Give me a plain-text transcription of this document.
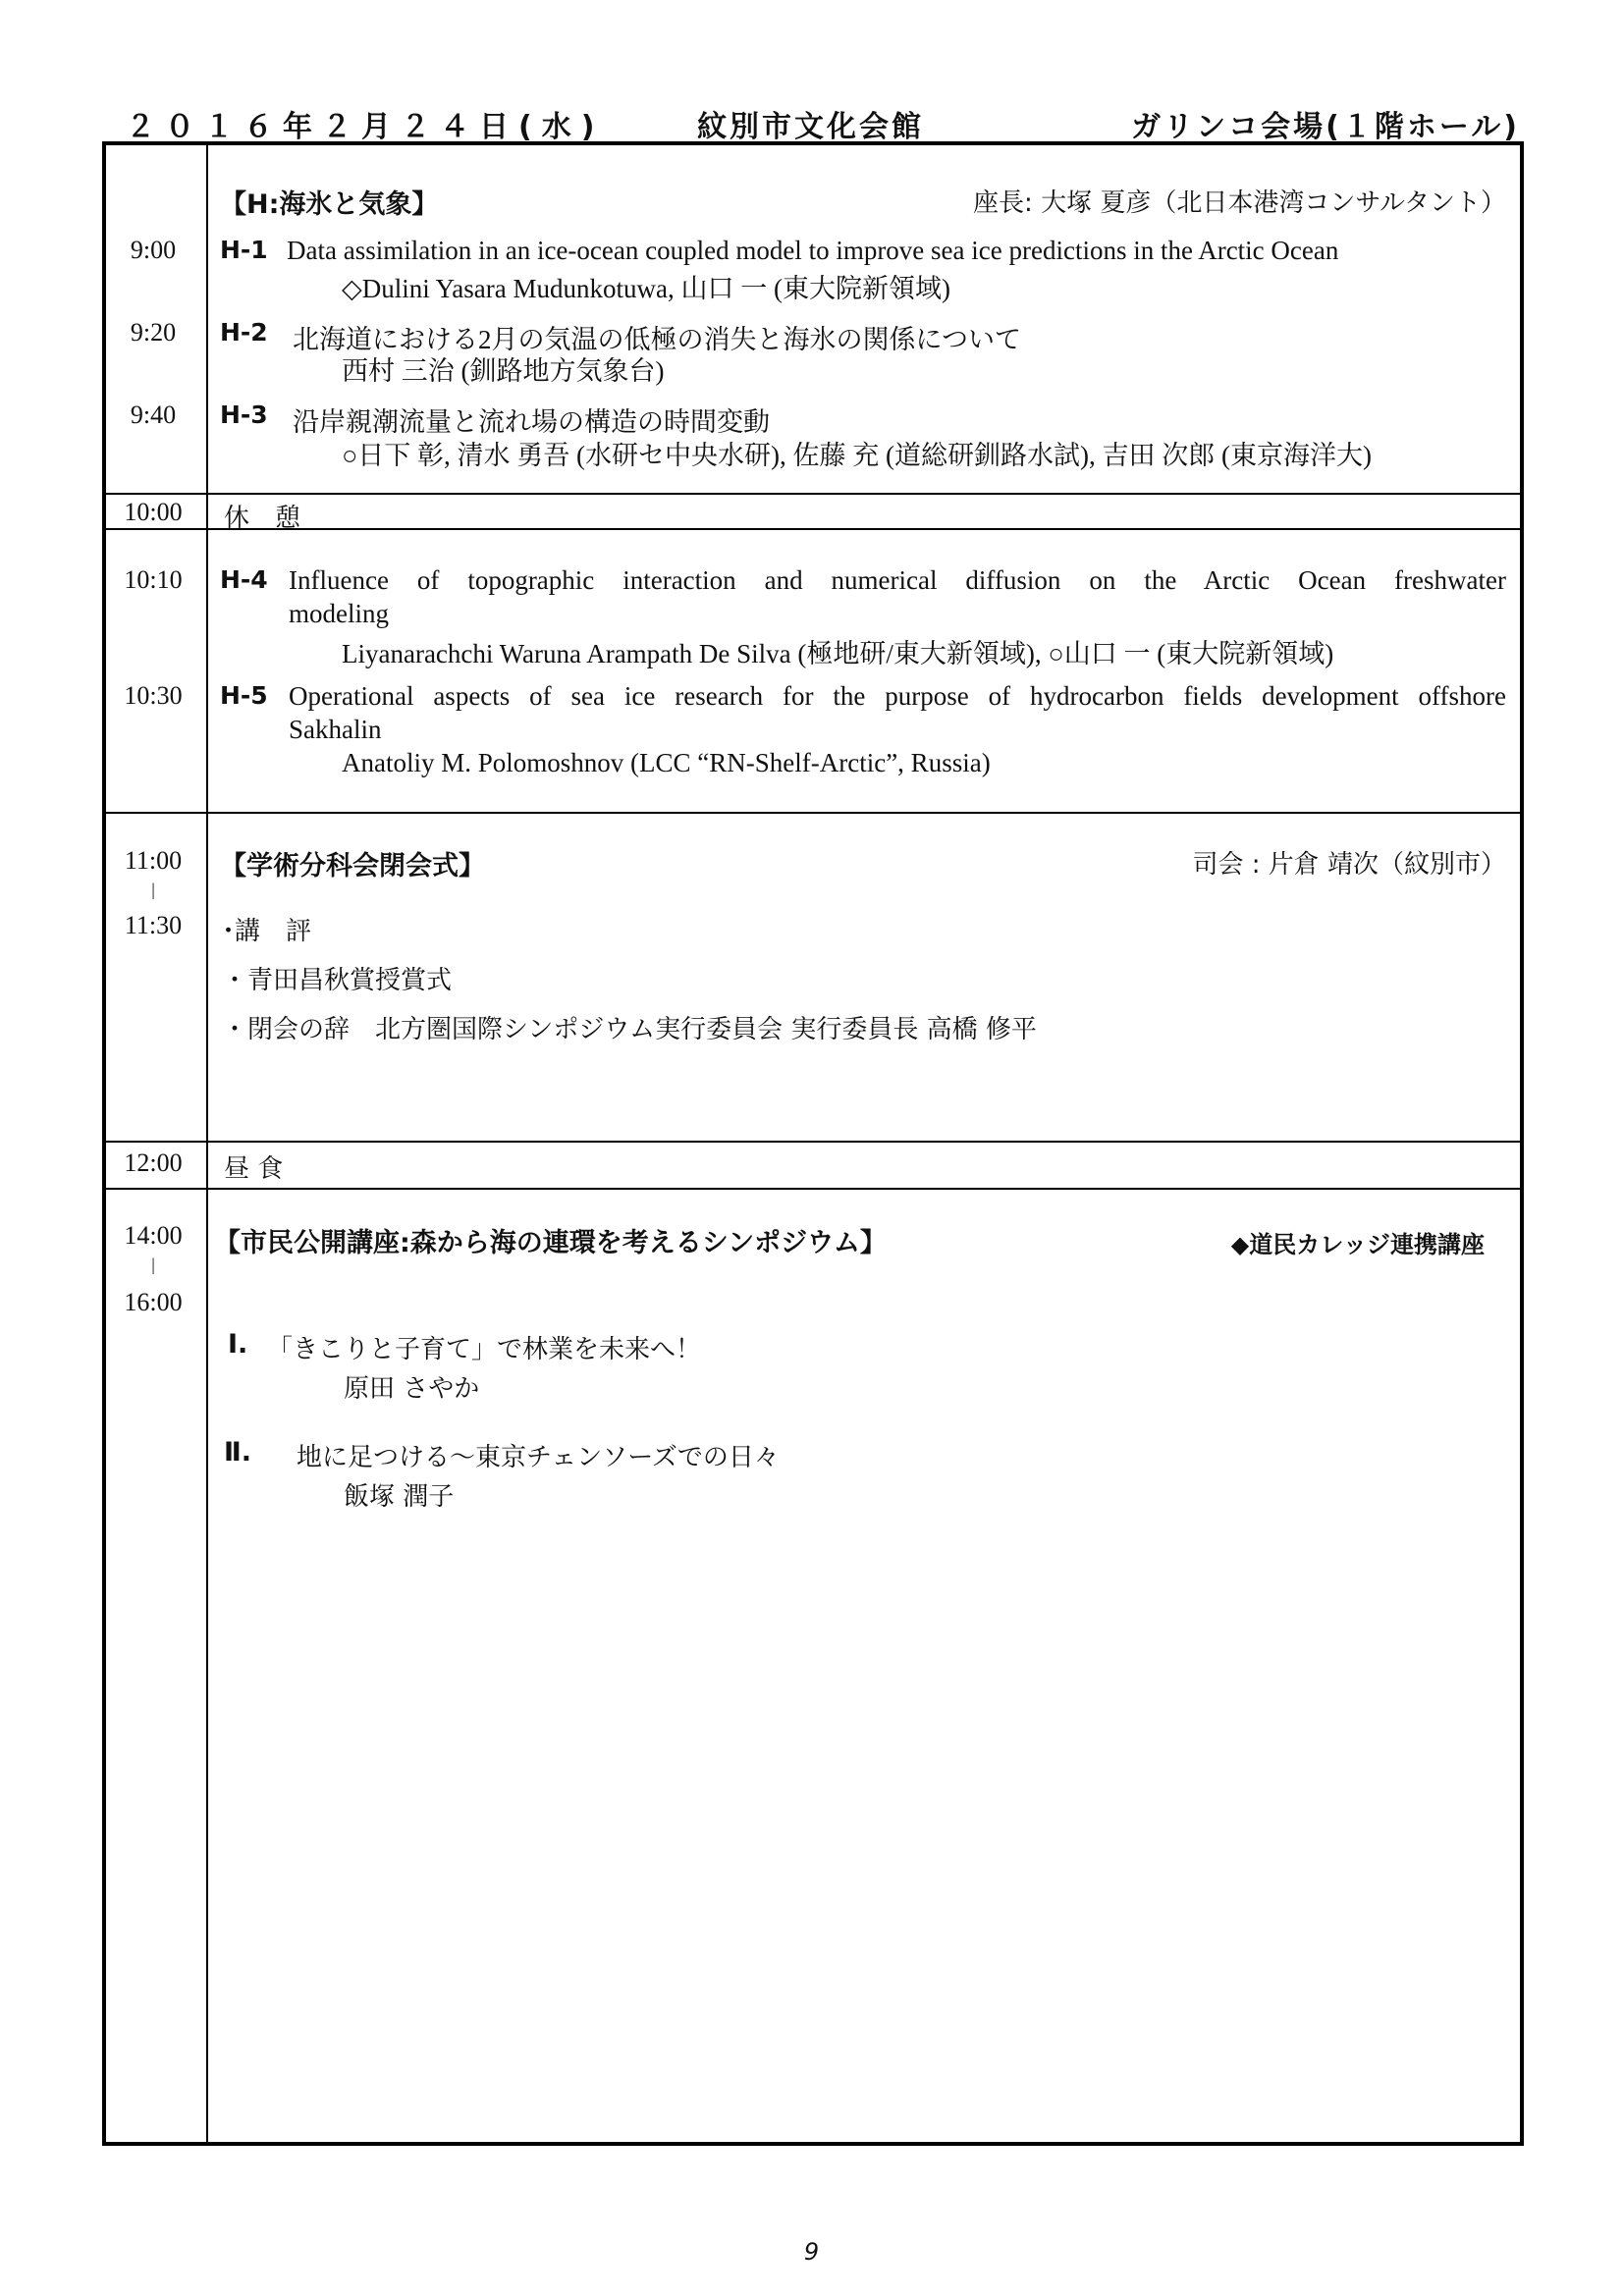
２０１６年２月２４日(水)	紋別市文化会館	ガリンコ会場(１階ホール)
【H:海氷と気象】	座長: 大塚 夏彦（北日本港湾コンサルタント）
9:00	H-1 Data assimilation in an ice-ocean coupled model to improve sea ice predictions in the Arctic Ocean
◇Dulini Yasara Mudunkotuwa, 山口 一 (東大院新領域)
9:20	H-2 北海道における2月の気温の低極の消失と海氷の関係について
西村 三治 (釧路地方気象台)
9:40	H-3 沿岸親潮流量と流れ場の構造の時間変動
○日下 彰, 清水 勇吾 (水研セ中央水研), 佐藤 充 (道総研釧路水試), 吉田 次郎 (東京海洋大)
10:00	休　憩
10:10	H-4 Influence of topographic interaction and numerical diffusion on the Arctic Ocean freshwater
modeling
Liyanarachchi Waruna Arampath De Silva (極地研/東大新領域), ○山口 一 (東大院新領域)
10:30	H-5 Operational aspects of sea ice research for the purpose of hydrocarbon fields development offshore
Sakhalin
Anatoliy M. Polomoshnov (LCC “RN-Shelf-Arctic”, Russia)
11:00
|
11:30
【学術分科会閉会式】	司会 : 片倉 靖次（紋別市）
･講　評
・青田昌秋賞授賞式
・閉会の辞　北方圏国際シンポジウム実行委員会 実行委員長 高橋 修平
12:00	昼 食
14:00
|
16:00
【市民公開講座:森から海の連環を考えるシンポジウム】	◆道民カレッジ連携講座
Ⅰ. 「きこりと子育て」で林業を未来へ！
原田 さやか
Ⅱ. 地に足つける～東京チェンソーズでの日々
飯塚 潤子
9
